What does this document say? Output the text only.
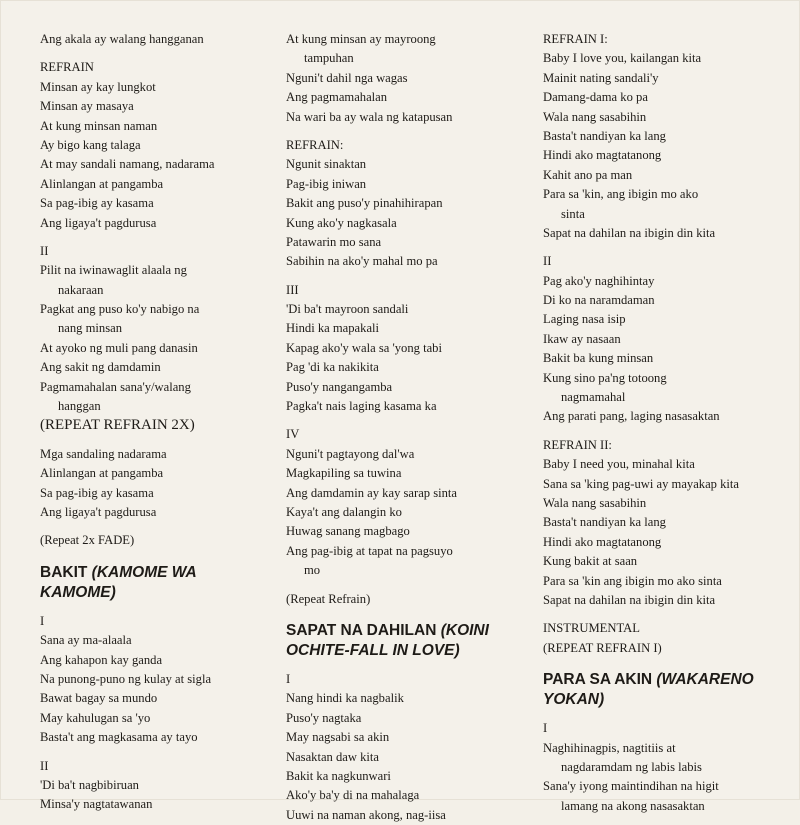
Ang akala ay walang hangganan
REFRAIN
Minsan ay kay lungkot
Minsan ay masaya
At kung minsan naman
Ay bigo kang talaga
At may sandali namang, nadarama
Alinlangan at pangamba
Sa pag-ibig ay kasama
Ang ligaya't pagdurusa
II
Pilit na iwinawaglit alaala ng
nakaraan
Pagkat ang puso ko'y nabigo na
nang minsan
At ayoko ng muli pang danasin
Ang sakit ng damdamin
Pagmamahalan sana'y/walang
hanggan
(REPEAT REFRAIN 2X)
Mga sandaling nadarama
Alinlangan at pangamba
Sa pag-ibig ay kasama
Ang ligaya't pagdurusa
(Repeat 2x FADE)
BAKIT (KAMOME WA
KAMOME)
I
Sana ay ma-alaala
Ang kahapon kay ganda
Na punong-puno ng kulay at sigla
Bawat bagay sa mundo
May kahulugan sa 'yo
Basta't ang magkasama ay tayo
II
'Di ba't nagbibiruan
Minsa'y nagtatawanan
At kung minsan ay mayroong
tampuhan
Nguni't dahil nga wagas
Ang pagmamahalan
Na wari ba ay wala ng katapusan
REFRAIN:
Ngunit sinaktan
Pag-ibig iniwan
Bakit ang puso'y pinahihirapan
Kung ako'y nagkasala
Patawarin mo sana
Sabihin na ako'y mahal mo pa
III
'Di ba't mayroon sandali
Hindi ka mapakali
Kapag ako'y wala sa 'yong tabi
Pag 'di ka nakikita
Puso'y nangangamba
Pagka't nais laging kasama ka
IV
Nguni't pagtayong dal'wa
Magkapiling sa tuwina
Ang damdamin ay kay sarap sinta
Kaya't ang dalangin ko
Huwag sanang magbago
Ang pag-ibig at tapat na pagsuyo
mo
(Repeat Refrain)
SAPAT NA DAHILAN (KOINI
OCHITE-FALL IN LOVE)
I
Nang hindi ka nagbalik
Puso'y nagtaka
May nagsabi sa akin
Nasaktan daw kita
Bakit ka nagkunwari
Ako'y ba'y di na mahalaga
Uuwi na naman akong, nag-iisa
REFRAIN I:
Baby I love you, kailangan kita
Mainit nating sandali'y
Damang-dama ko pa
Wala nang sasabihin
Basta't nandiyan ka lang
Hindi ako magtatanong
Kahit ano pa man
Para sa 'kin, ang ibigin mo ako
sinta
Sapat na dahilan na ibigin din kita
II
Pag ako'y naghihintay
Di ko na naramdaman
Laging nasa isip
Ikaw ay nasaan
Bakit ba kung minsan
Kung sino pa'ng totoong
nagmamahal
Ang parati pang, laging nasasaktan
REFRAIN II:
Baby I need you, minahal kita
Sana sa 'king pag-uwi ay mayakap kita
Wala nang sasabihin
Basta't nandiyan ka lang
Hindi ako magtatanong
Kung bakit at saan
Para sa 'kin ang ibigin mo ako sinta
Sapat na dahilan na ibigin din kita
INSTRUMENTAL
(REPEAT REFRAIN I)
PARA SA AKIN (WAKARENO
YOKAN)
I
Naghihinagpis, nagtitiis at
nagdaramdam ng labis labis
Sana'y iyong maintindihan na higit
lamang na akong nasasaktan
